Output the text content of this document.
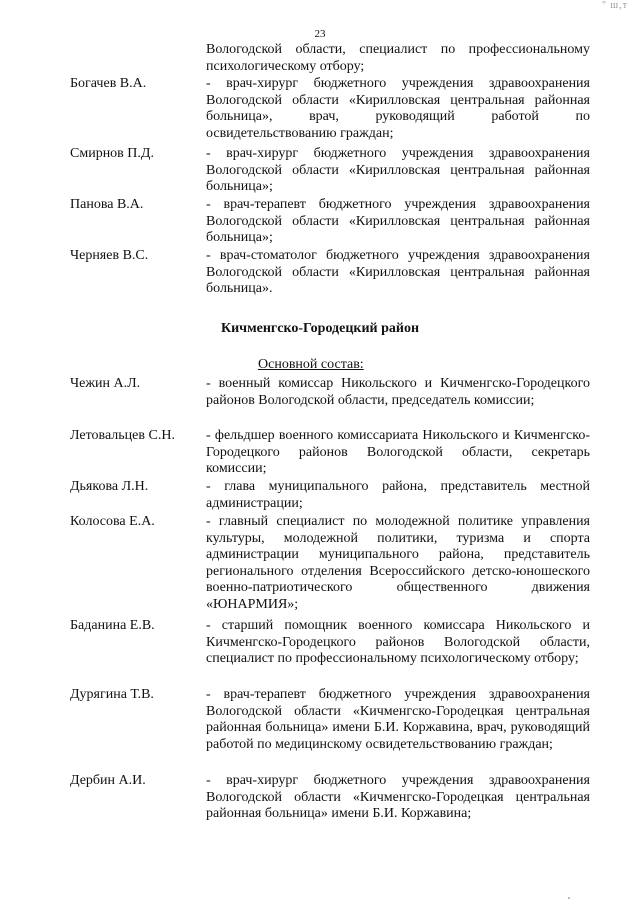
" ш,т
23
Вологодской области, специалист по профессиональному психологическому отбору;
Богачев В.А.	- врач-хирург бюджетного учреждения здравоохранения Вологодской области «Кирилловская центральная районная больница», врач, руководящий работой по освидетельствованию граждан;
Смирнов П.Д.	- врач-хирург бюджетного учреждения здравоохранения Вологодской области «Кирилловская центральная районная больница»;
Панова В.А.	- врач-терапевт бюджетного учреждения здравоохранения Вологодской области «Кирилловская центральная районная больница»;
Черняев В.С.	- врач-стоматолог бюджетного учреждения здравоохранения Вологодской области «Кирилловская центральная районная больница».
Кичменгско-Городецкий район
Основной состав:
Чежин А.Л.	- военный комиссар Никольского и Кичменгско-Городецкого районов Вологодской области, председатель комиссии;
Летовальцев С.Н. - фельдшер военного комиссариата Никольского и Кичменгско-Городецкого районов Вологодской области, секретарь комиссии;
Дьякова Л.Н.	- глава муниципального района, представитель местной администрации;
Колосова Е.А.	- главный специалист по молодежной политике управления культуры, молодежной политики, туризма и спорта администрации муниципального района, представитель регионального отделения Всероссийского детско-юношеского военно-патриотического общественного движения «ЮНАРМИЯ»;
Баданина Е.В.	- старший помощник военного комиссара Никольского и Кичменгско-Городецкого районов Вологодской области, специалист по профессиональному психологическому отбору;
Дурягина Т.В.	- врач-терапевт бюджетного учреждения здравоохранения Вологодской области «Кичменгско-Городецкая центральная районная больница» имени Б.И. Коржавина, врач, руководящий работой по медицинскому освидетельствованию граждан;
Дербин А.И.	- врач-хирург бюджетного учреждения здравоохранения Вологодской области «Кичменгско-Городецкая центральная районная больница» имени Б.И. Коржавина;
